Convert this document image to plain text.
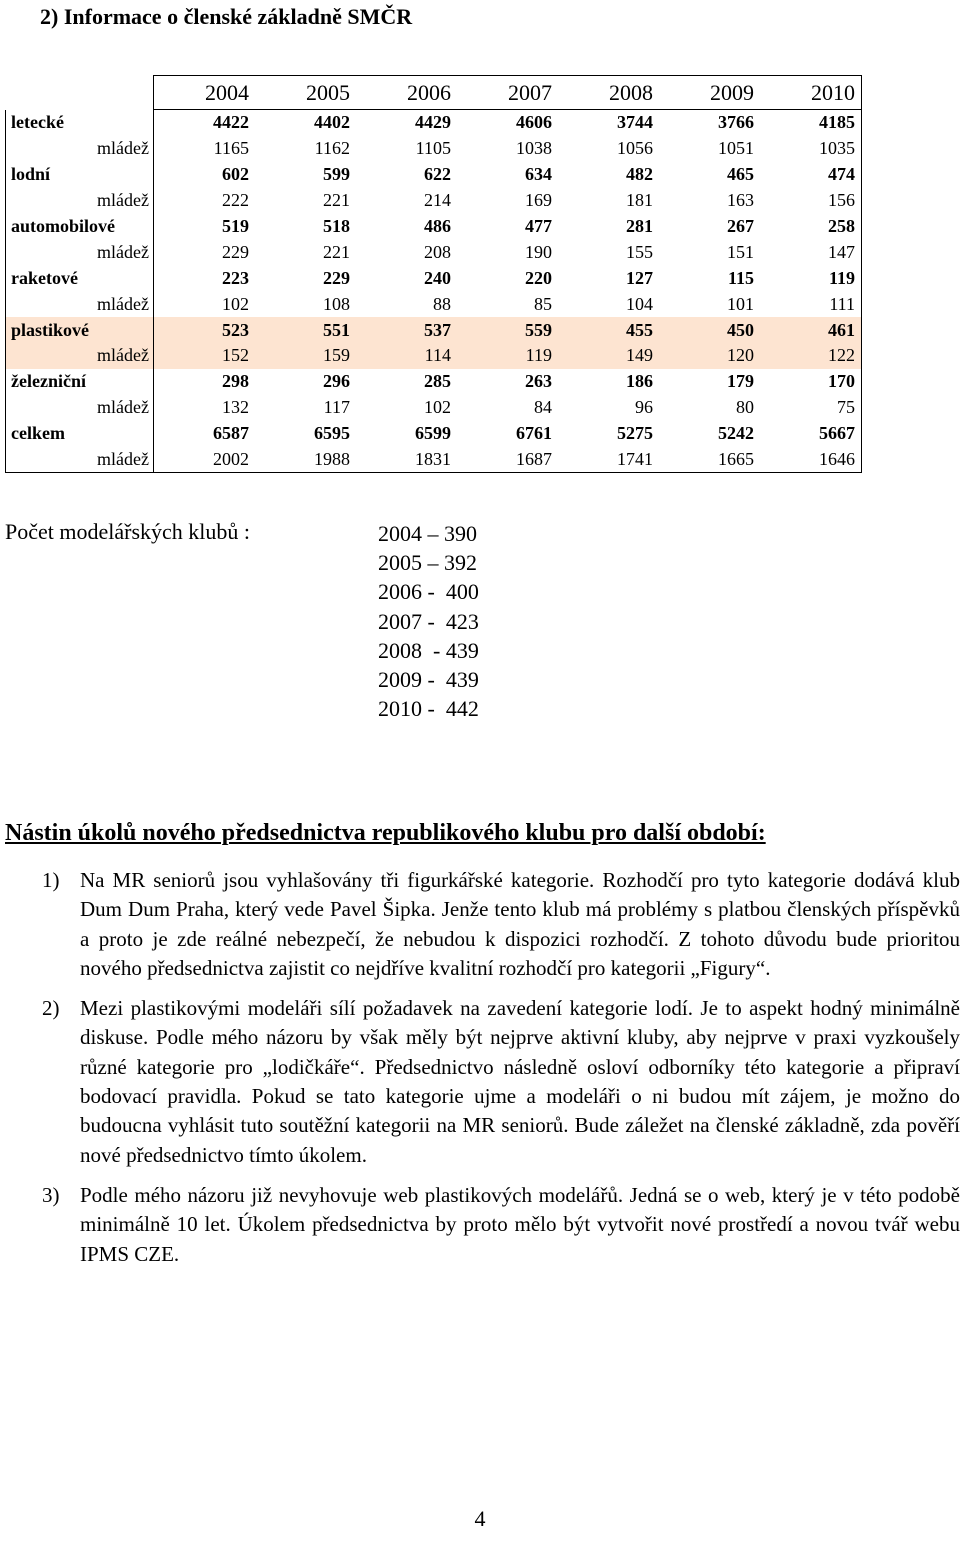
2) Informace o členské základně SMČR
	2004	2005	2006	2007	2008	2009	2010
letecké	4422	4402	4429	4606	3744	3766	4185
mládež	1165	1162	1105	1038	1056	1051	1035
lodní	602	599	622	634	482	465	474
mládež	222	221	214	169	181	163	156
automobilové	519	518	486	477	281	267	258
mládež	229	221	208	190	155	151	147
raketové	223	229	240	220	127	115	119
mládež	102	108	88	85	104	101	111
plastikové	523	551	537	559	455	450	461
mládež	152	159	114	119	149	120	122
železniční	298	296	285	263	186	179	170
mládež	132	117	102	84	96	80	75
celkem	6587	6595	6599	6761	5275	5242	5667
mládež	2002	1988	1831	1687	1741	1665	1646
Počet modelářských klubů :	2004 – 390
2005 – 392
2006 -  400
2007 -  423
2008  - 439
2009 -  439
2010 -  442
Nástin úkolů nového předsednictva republikového klubu pro další období:
1) Na MR seniorů jsou vyhlašovány tři figurkářské kategorie. Rozhodčí pro tyto kategorie dodává klub Dum Dum Praha, který vede Pavel Šipka. Jenže tento klub má problémy s platbou členských příspěvků a proto je zde reálné nebezpečí, že nebudou k dispozici rozhodčí. Z tohoto důvodu bude prioritou nového předsednictva zajistit co nejdříve kvalitní rozhodčí pro kategorii „Figury“.
2) Mezi plastikovými modeláři sílí požadavek na zavedení kategorie lodí. Je to aspekt hodný minimálně diskuse. Podle mého názoru by však měly být nejprve aktivní kluby, aby nejprve v praxi vyzkoušely různé kategorie pro „lodičkáře“. Předsednictvo následně osloví odborníky této kategorie a připraví bodovací pravidla. Pokud se tato kategorie ujme a modeláři o ni budou mít zájem, je možno do budoucna vyhlásit tuto soutěžní kategorii na MR seniorů. Bude záležet na členské základně, zda pověří nové předsednictvo tímto úkolem.
3) Podle mého názoru již nevyhovuje web plastikových modelářů. Jedná se o web, který je v této podobě minimálně 10 let. Úkolem předsednictva by proto mělo být vytvořit nové prostředí a novou tvář webu IPMS CZE.
4
